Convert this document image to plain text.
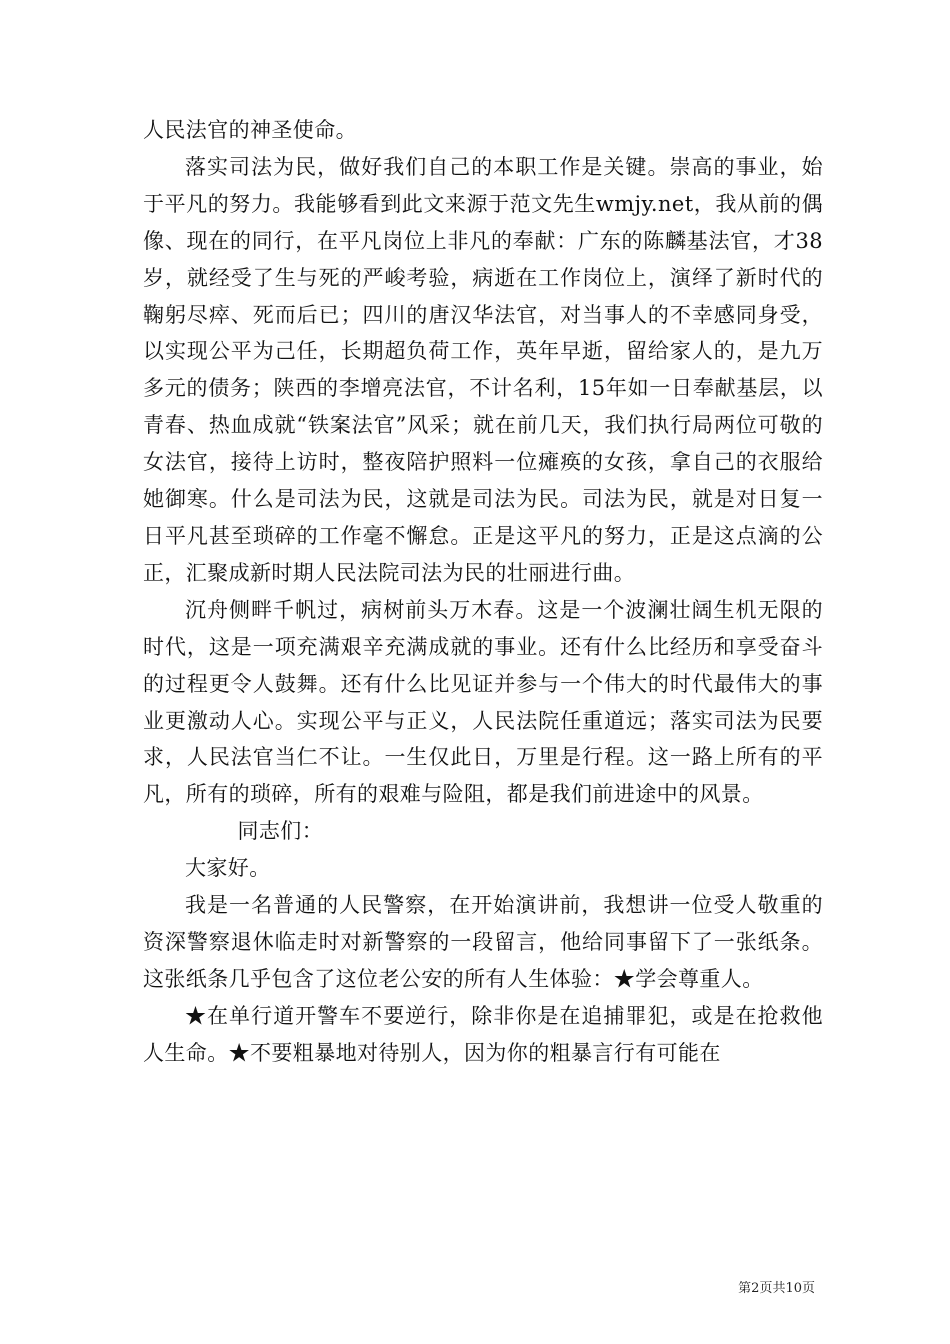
人民法官的神圣使命。

落实司法为民，做好我们自己的本职工作是关键。崇高的事业，始于平凡的努力。我能够看到此文来源于范文先生wmjy.net，我从前的偶像、现在的同行，在平凡岗位上非凡的奉献：广东的陈麟基法官，才38岁，就经受了生与死的严峻考验，病逝在工作岗位上，演绎了新时代的鞠躬尽瘁、死而后已；四川的唐汉华法官，对当事人的不幸感同身受，以实现公平为己任，长期超负荷工作，英年早逝，留给家人的，是九万多元的债务；陕西的李增亮法官，不计名利，15年如一日奉献基层，以青春、热血成就“铁案法官”风采；就在前几天，我们执行局两位可敬的女法官，接待上访时，整夜陪护照料一位瘫痪的女孩，拿自己的衣服给她御寒。什么是司法为民，这就是司法为民。司法为民，就是对日复一日平凡甚至琐碎的工作毫不懈怠。正是这平凡的努力，正是这点滴的公正，汇聚成新时期人民法院司法为民的壮丽进行曲。

沉舟侧畔千帆过，病树前头万木春。这是一个波澜壮阔生机无限的时代，这是一项充满艰辛充满成就的事业。还有什么比经历和享受奋斗的过程更令人鼓舞。还有什么比见证并参与一个伟大的时代最伟大的事业更激动人心。实现公平与正义，人民法院任重道远；落实司法为民要求，人民法官当仁不让。一生仅此日，万里是行程。这一路上所有的平凡，所有的琐碎，所有的艰难与险阻，都是我们前进途中的风景。

同志们：

大家好。

我是一名普通的人民警察，在开始演讲前，我想讲一位受人敬重的资深警察退休临走时对新警察的一段留言，他给同事留下了一张纸条。这张纸条几乎包含了这位老公安的所有人生体验：★学会尊重人。

★在单行道开警车不要逆行，除非你是在追捕罪犯，或是在抢救他人生命。★不要粗暴地对待别人，因为你的粗暴言行有可能在

第2页共10页
